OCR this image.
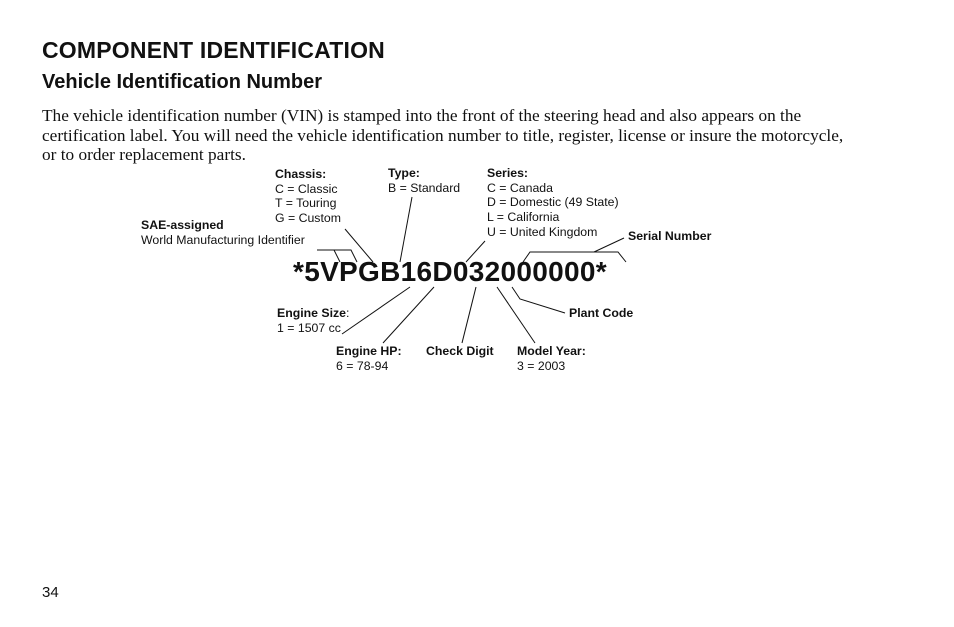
COMPONENT IDENTIFICATION
Vehicle Identification Number
The vehicle identification number (VIN) is stamped into the front of the steering head and also appears on the
certification label. You will need the vehicle identification number to title, register, license or insure the motorcycle,
or to order replacement parts.
SAE-assigned
World Manufacturing Identifier
Chassis:
C = Classic
T = Touring
G = Custom
Type:
B = Standard
Series:
C = Canada
D = Domestic (49 State)
L = California
U = United Kingdom	Serial Number
*5VPGB16D032000000*
Engine Size:
1 = 1507 cc
Engine HP:
6 = 78-94
Check Digit Model Year:
3 = 2003
Plant Code
34
